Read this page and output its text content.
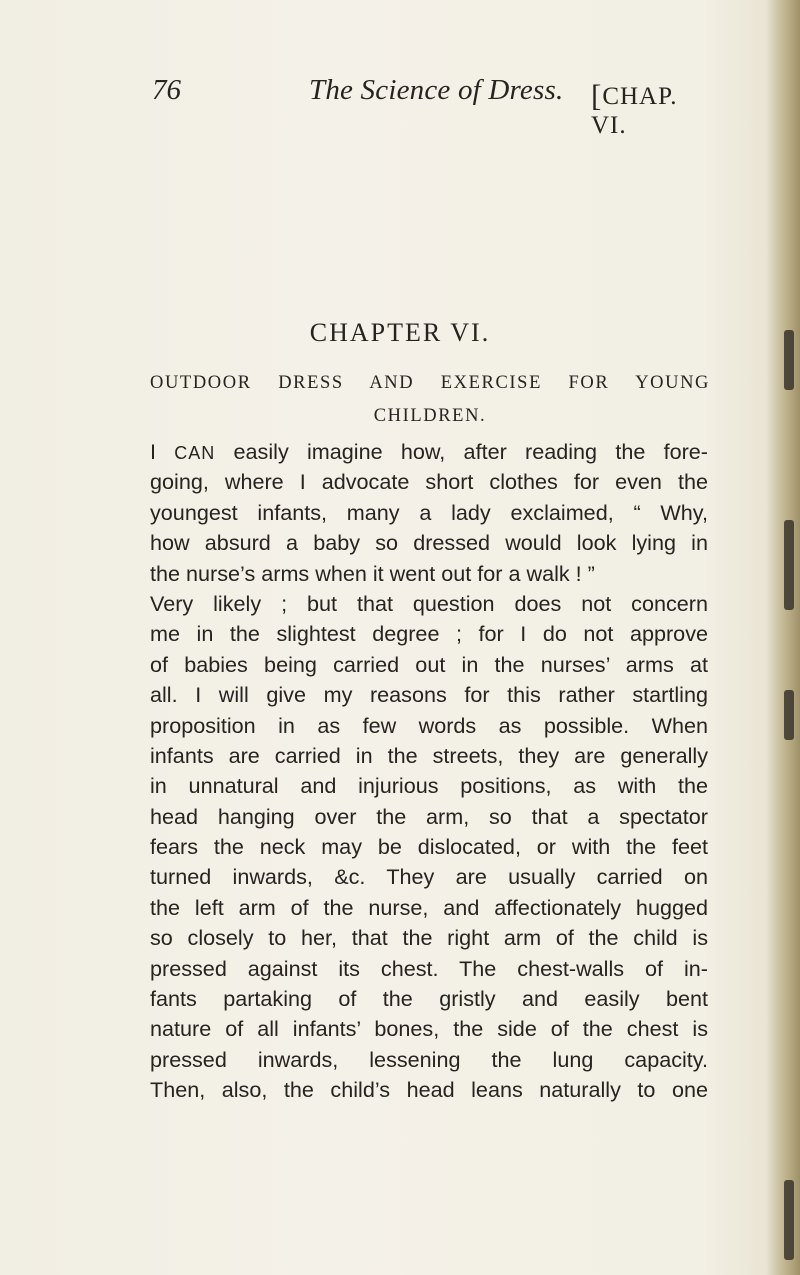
76	The Science of Dress. [CHAP. VI.
CHAPTER VI.
OUTDOOR DRESS AND EXERCISE FOR YOUNG
CHILDREN.
I CAN easily imagine how, after reading the fore-
going, where I advocate short clothes for even the
youngest infants, many a lady exclaimed, “ Why,
how absurd a baby so dressed would look lying in
the nurse’s arms when it went out for a walk ! ”
Very likely ; but that question does not concern
me in the slightest degree ; for I do not approve
of babies being carried out in the nurses’ arms at
all. I will give my reasons for this rather startling
proposition in as few words as possible. When
infants are carried in the streets, they are generally
in unnatural and injurious positions, as with the
head hanging over the arm, so that a spectator
fears the neck may be dislocated, or with the feet
turned inwards, &c. They are usually carried on
the left arm of the nurse, and affectionately hugged
so closely to her, that the right arm of the child is
pressed against its chest. The chest-walls of in-
fants partaking of the gristly and easily bent
nature of all infants’ bones, the side of the chest is
pressed inwards, lessening the lung capacity.
Then, also, the child’s head leans naturally to one
